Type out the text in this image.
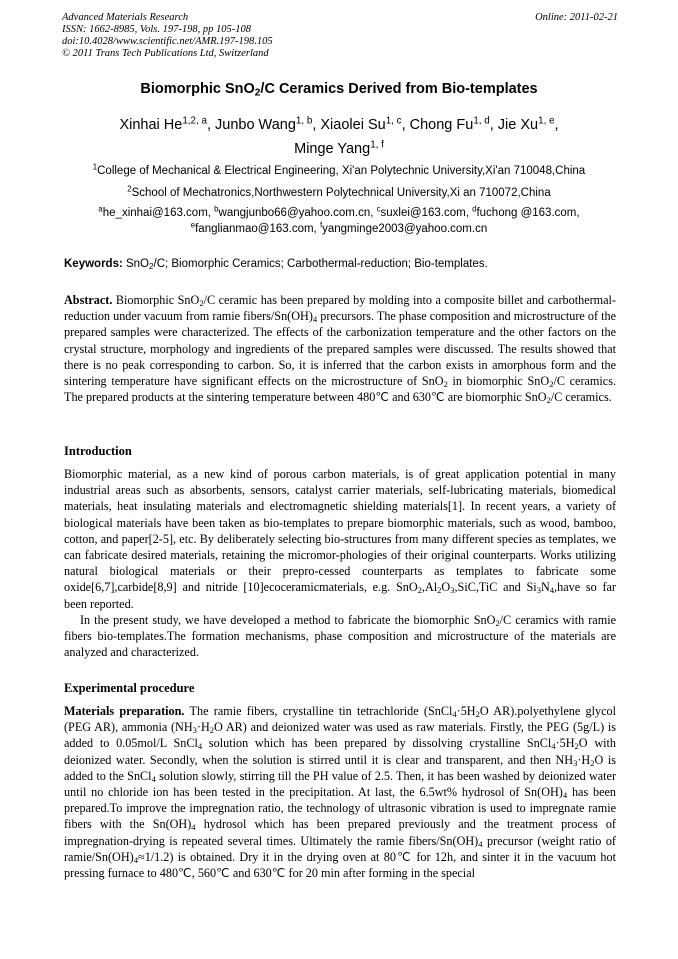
Advanced Materials Research
ISSN: 1662-8985, Vols. 197-198, pp 105-108
doi:10.4028/www.scientific.net/AMR.197-198.105
© 2011 Trans Tech Publications Ltd, Switzerland
Online: 2011-02-21
Biomorphic SnO$_2$/C Ceramics Derived from Bio-templates
Xinhai He$^{1,2, a}$, Junbo Wang$^{1, b}$, Xiaolei Su$^{1, c}$, Chong Fu$^{1, d}$, Jie Xu$^{1, e}$,
Minge Yang$^{1, f}$
$^1$College of Mechanical & Electrical Engineering, Xi'an Polytechnic University,Xi'an 710048,China
$^2$School of Mechatronics,Northwestern Polytechnical University,Xi an 710072,China
$^a$he_xinhai@163.com, $^b$wangjunbo66@yahoo.com.cn, $^c$suxlei@163.com, $^d$fuchong @163.com,
$^e$fanglianmao@163.com, $^f$yangminge2003@yahoo.com.cn
Keywords: SnO$_2$/C; Biomorphic Ceramics; Carbothermal-reduction; Bio-templates.
Abstract. Biomorphic SnO$_2$/C ceramic has been prepared by molding into a composite billet and carbothermal-reduction under vacuum from ramie fibers/$Sn(OH)_4$ precursors. The phase composition and microstructure of the prepared samples were characterized. The effects of the carbonization temperature and the other factors on the crystal structure, morphology and ingredients of the prepared samples were discussed. The results showed that there is no peak corresponding to carbon. So, it is inferred that the carbon exists in amorphous form and the sintering temperature have significant effects on the microstructure of SnO$_2$ in biomorphic SnO$_2$/C ceramics. The prepared products at the sintering temperature between 480℃ and 630℃ are biomorphic SnO$_2$/C ceramics.
Introduction

Biomorphic material, as a new kind of porous carbon materials, is of great application potential in many industrial areas such as absorbents, sensors, catalyst carrier materials, self-lubricating materials, biomedical materials, heat insulating materials and electromagnetic shielding materials[1]. In recent years, a variety of biological materials have been taken as bio-templates to prepare biomorphic materials, such as wood, bamboo, cotton, and paper[2-5], etc. By deliberately selecting bio-structures from many different species as templates, we can fabricate desired materials, retaining the micromor-phologies of their original counterparts. Works utilizing natural biological materials or their prepro-cessed counterparts as templates to fabricate some oxide[6,7],carbide[8,9] and nitride [10]ecoceramicmaterials, e.g. $SnO_2,Al_2O_3,SiC,TiC$ and $Si_3N_4,have$ so far been reported.

In the present study, we have developed a method to fabricate the biomorphic SnO$_2$/C ceramics with ramie fibers bio-templates.The formation mechanisms, phase composition and microstructure of the materials are analyzed and characterized.

Experimental procedure
Materials preparation. The ramie fibers, crystalline tin tetrachloride ($SnCl_4\cdot 5H_2O$ AR).polyethylene glycol (PEG AR), ammonia ($NH_3\cdot H_2O$ AR) and deionized water was used as raw materials. Firstly, the PEG (5g/L) is added to 0.05mol/L SnCl$_4$ solution which has been prepared by dissolving crystalline $SnCl_4\cdot 5H_2O$ with deionized water. Secondly, when the solution is stirred until it is clear and transparent, and then $NH_3\cdot H_2O$ is added to the SnCl$_4$ solution slowly, stirring till the PH value of 2.5. Then, it has been washed by deionized water until no chloride ion has been tested in the precipitation. At last, the 6.5wt% hydrosol of $Sn(OH)_4$ has been prepared.To improve the impregnation ratio, the technology of ultrasonic vibration is used to impregnate ramie fibers with the $Sn(OH)_4$ hydrosol which has been prepared previously and the treatment process of impregnation-drying is repeated several times. Ultimately the ramie fibers/$Sn(OH)_4$ precursor (weight ratio of ramie/$Sn(OH)_4\approx 1/1.2$) is obtained. Dry it in the drying oven at 80℃ for 12h, and sinter it in the vacuum hot pressing furnace to 480℃, 560℃ and 630℃ for 20 min after forming in the special
